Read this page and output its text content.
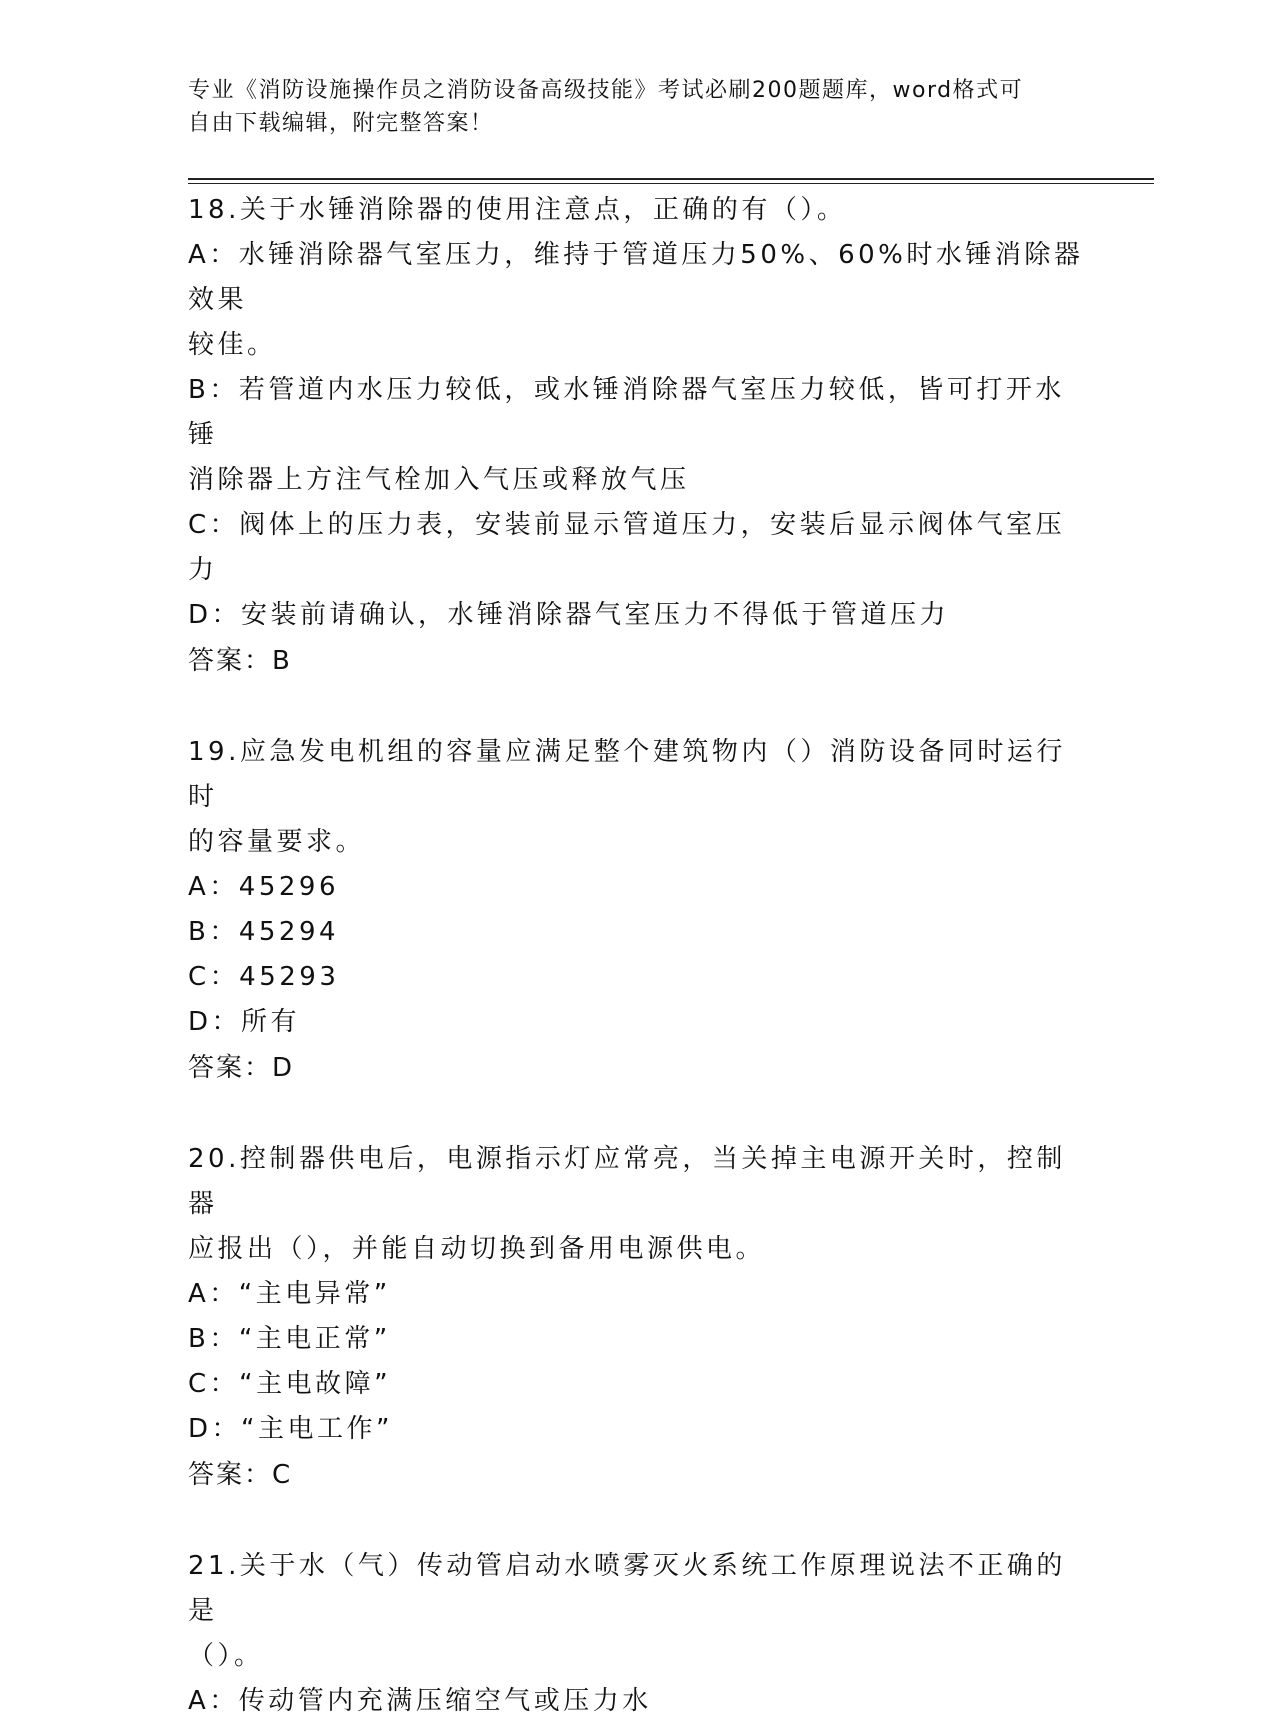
专业《消防设施操作员之消防设备高级技能》考试必刷200题题库，word格式可
自由下载编辑，附完整答案！

18.关于水锤消除器的使用注意点，正确的有（）。

A：水锤消除器气室压力，维持于管道压力50%、60%时水锤消除器效果

较佳。

B：若管道内水压力较低，或水锤消除器气室压力较低，皆可打开水锤

消除器上方注气栓加入气压或释放气压

C：阀体上的压力表，安装前显示管道压力，安装后显示阀体气室压力

D：安装前请确认，水锤消除器气室压力不得低于管道压力

答案：B

19.应急发电机组的容量应满足整个建筑物内（）消防设备同时运行时

的容量要求。

A：45296

B：45294

C：45293

D：所有

答案：D

20.控制器供电后，电源指示灯应常亮，当关掉主电源开关时，控制器

应报出（），并能自动切换到备用电源供电。

A：“主电异常”

B：“主电正常”

C：“主电故障”

D：“主电工作”

答案：C

21.关于水（气）传动管启动水喷雾灭火系统工作原理说法不正确的是

（）。

A：传动管内充满压缩空气或压力水
